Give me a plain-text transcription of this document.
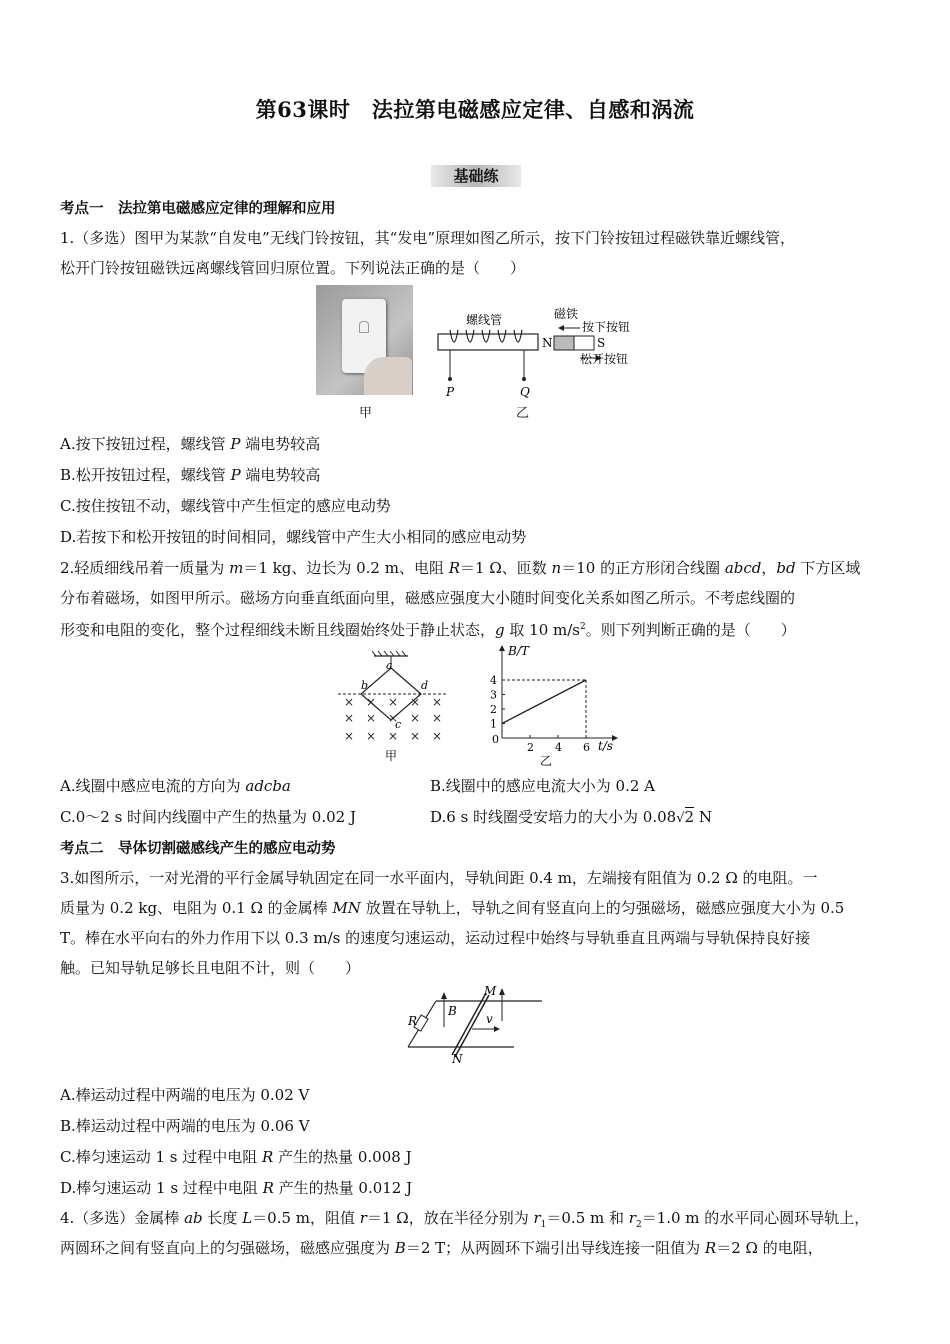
第63课时　法拉第电磁感应定律、自感和涡流
基础练
考点一　法拉第电磁感应定律的理解和应用
1.（多选）图甲为某款“自发电”无线门铃按钮，其“发电”原理如图乙所示，按下门铃按钮过程磁铁靠近螺线管，
松开门铃按钮磁铁远离螺线管回归原位置。下列说法正确的是（　　）
甲
螺线管	磁铁
按下按钮
松开按钮
N	S
P	Q
乙
A.按下按钮过程，螺线管 P 端电势较高
B.松开按钮过程，螺线管 P 端电势较高
C.按住按钮不动，螺线管中产生恒定的感应电动势
D.若按下和松开按钮的时间相同，螺线管中产生大小相同的感应电动势
2.轻质细线吊着一质量为 m＝1 kg、边长为 0.2 m、电阻 R＝1 Ω、匝数 n＝10 的正方形闭合线圈 abcd，bd 下方区域
分布着磁场，如图甲所示。磁场方向垂直纸面向里，磁感应强度大小随时间变化关系如图乙所示。不考虑线圈的
形变和电阻的变化，整个过程细线未断且线圈始终处于静止状态，g 取 10 $m/s^2$。则下列判断正确的是（　　）
× × × × ×
× × × × ×
× × × × ×
a
b
c
d
甲
2 4 6
1
2
3
4
B/T
t/s
0
乙
A.线圈中感应电流的方向为 adcba	B.线圈中的感应电流大小为 0.2 A
C.0～2 s 时间内线圈中产生的热量为 0.02 J	D.6 s 时线圈受安培力的大小为 0.08√2 N
考点二　导体切割磁感线产生的感应电动势
3.如图所示，一对光滑的平行金属导轨固定在同一水平面内，导轨间距 0.4 m，左端接有阻值为 0.2 Ω 的电阻。一
质量为 0.2 kg、电阻为 0.1 Ω 的金属棒 MN 放置在导轨上，导轨之间有竖直向上的匀强磁场，磁感应强度大小为 0.5
T。棒在水平向右的外力作用下以 0.3 m/s 的速度匀速运动，运动过程中始终与导轨垂直且两端与导轨保持良好接
触。已知导轨足够长且电阻不计，则（　　）
M
N
R
B
v
A.棒运动过程中两端的电压为 0.02 V
B.棒运动过程中两端的电压为 0.06 V
C.棒匀速运动 1 s 过程中电阻 R 产生的热量 0.008 J
D.棒匀速运动 1 s 过程中电阻 R 产生的热量 0.012 J
4.（多选）金属棒 ab 长度 L＝0.5 m，阻值 r＝1 Ω，放在半径分别为 $r_1=0.5$ m 和 $r_2=1.0$ m 的水平同心圆环导轨上，
两圆环之间有竖直向上的匀强磁场，磁感应强度为 B＝2 T；从两圆环下端引出导线连接一阻值为 R＝2 Ω 的电阻，
